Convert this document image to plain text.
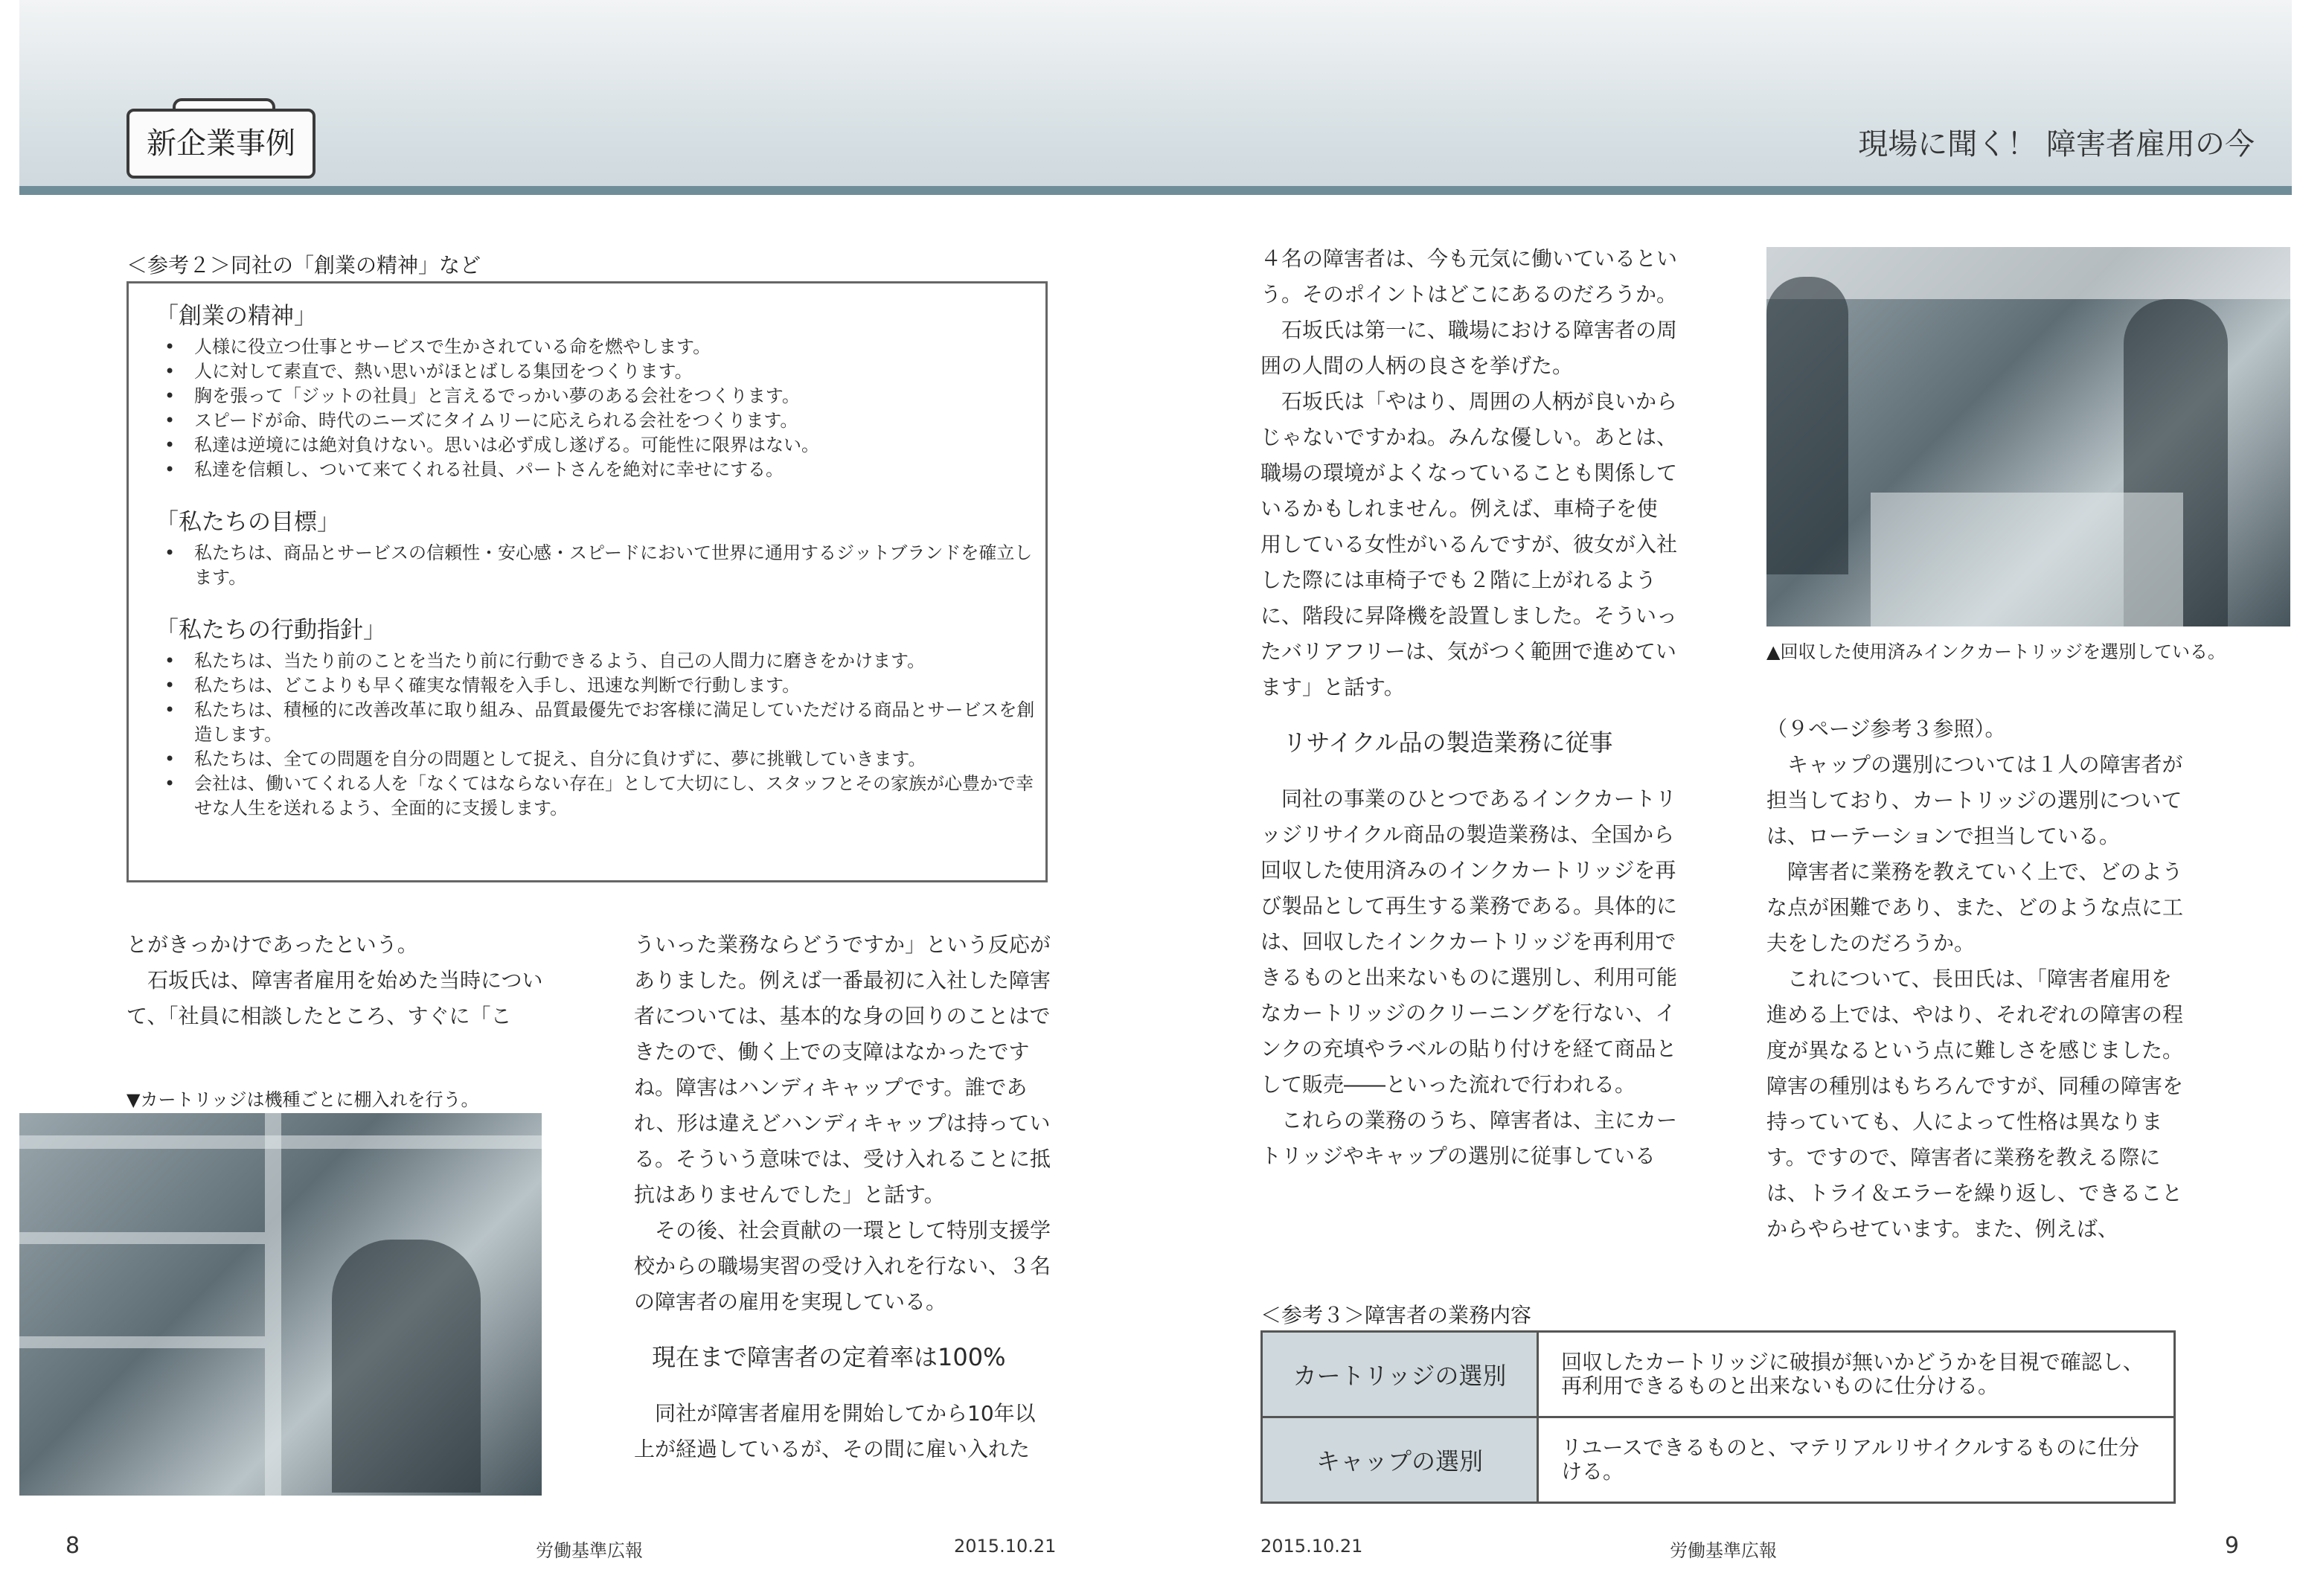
新企業事例	現場に聞く！ 障害者雇用の今
＜参考２＞同社の「創業の精神」など
「創業の精神」
• 人様に役立つ仕事とサービスで生かされている命を燃やします。
• 人に対して素直で、熱い思いがほとばしる集団をつくります。
• 胸を張って「ジットの社員」と言えるでっかい夢のある会社をつくります。
• スピードが命、時代のニーズにタイムリーに応えられる会社をつくります。
• 私達は逆境には絶対負けない。思いは必ず成し遂げる。可能性に限界はない。
• 私達を信頼し、ついて来てくれる社員、パートさんを絶対に幸せにする。
「私たちの目標」
• 私たちは、商品とサービスの信頼性・安心感・スピードにおいて世界に通用するジットブランドを確立します。
「私たちの行動指針」
• 私たちは、当たり前のことを当たり前に行動できるよう、自己の人間力に磨きをかけます。
• 私たちは、どこよりも早く確実な情報を入手し、迅速な判断で行動します。
• 私たちは、積極的に改善改革に取り組み、品質最優先でお客様に満足していただける商品とサービスを創造します。
• 私たちは、全ての問題を自分の問題として捉え、自分に負けずに、夢に挑戦していきます。
• 会社は、働いてくれる人を「なくてはならない存在」として大切にし、スタッフとその家族が心豊かで幸せな人生を送れるよう、全面的に支援します。

とがきっかけであったという。

石坂氏は、障害者雇用を始めた当時について、「社員に相談したところ、すぐに「こ

▼カートリッジは機種ごとに棚入れを行う。

ういった業務ならどうですか」という反応がありました。例えば一番最初に入社した障害者については、基本的な身の回りのことはできたので、働く上での支障はなかったですね。障害はハンディキャップです。誰であれ、形は違えどハンディキャップは持っている。そういう意味では、受け入れることに抵抗はありませんでした」と話す。

その後、社会貢献の一環として特別支援学校からの職場実習の受け入れを行ない、３名の障害者の雇用を実現している。

現在まで障害者の定着率は100%

同社が障害者雇用を開始してから10年以上が経過しているが、その間に雇い入れた

４名の障害者は、今も元気に働いているという。そのポイントはどこにあるのだろうか。

石坂氏は第一に、職場における障害者の周囲の人間の人柄の良さを挙げた。

石坂氏は「やはり、周囲の人柄が良いからじゃないですかね。みんな優しい。あとは、職場の環境がよくなっていることも関係しているかもしれません。例えば、車椅子を使用している女性がいるんですが、彼女が入社した際には車椅子でも２階に上がれるように、階段に昇降機を設置しました。そういったバリアフリーは、気がつく範囲で進めています」と話す。

リサイクル品の製造業務に従事

同社の事業のひとつであるインクカートリッジリサイクル商品の製造業務は、全国から回収した使用済みのインクカートリッジを再び製品として再生する業務である。具体的には、回収したインクカートリッジを再利用できるものと出来ないものに選別し、利用可能なカートリッジのクリーニングを行ない、インクの充填やラベルの貼り付けを経て商品として販売――といった流れで行われる。

これらの業務のうち、障害者は、主にカートリッジやキャップの選別に従事している

▲回収した使用済みインクカートリッジを選別している。

（９ページ参考３参照）。

キャップの選別については１人の障害者が担当しており、カートリッジの選別については、ローテーションで担当している。

障害者に業務を教えていく上で、どのような点が困難であり、また、どのような点に工夫をしたのだろうか。

これについて、長田氏は、「障害者雇用を進める上では、やはり、それぞれの障害の程度が異なるという点に難しさを感じました。障害の種別はもちろんですが、同種の障害を持っていても、人によって性格は異なります。ですので、障害者に業務を教える際には、トライ＆エラーを繰り返し、できることからやらせています。また、例えば、

＜参考３＞障害者の業務内容
カートリッジの選別	回収したカートリッジに破損が無いかどうかを目視で確認し、再利用できるものと出来ないものに仕分ける。
キャップの選別	リユースできるものと、マテリアルリサイクルするものに仕分ける。
8	労働基準広報	2015.10.21	2015.10.21	労働基準広報	9
